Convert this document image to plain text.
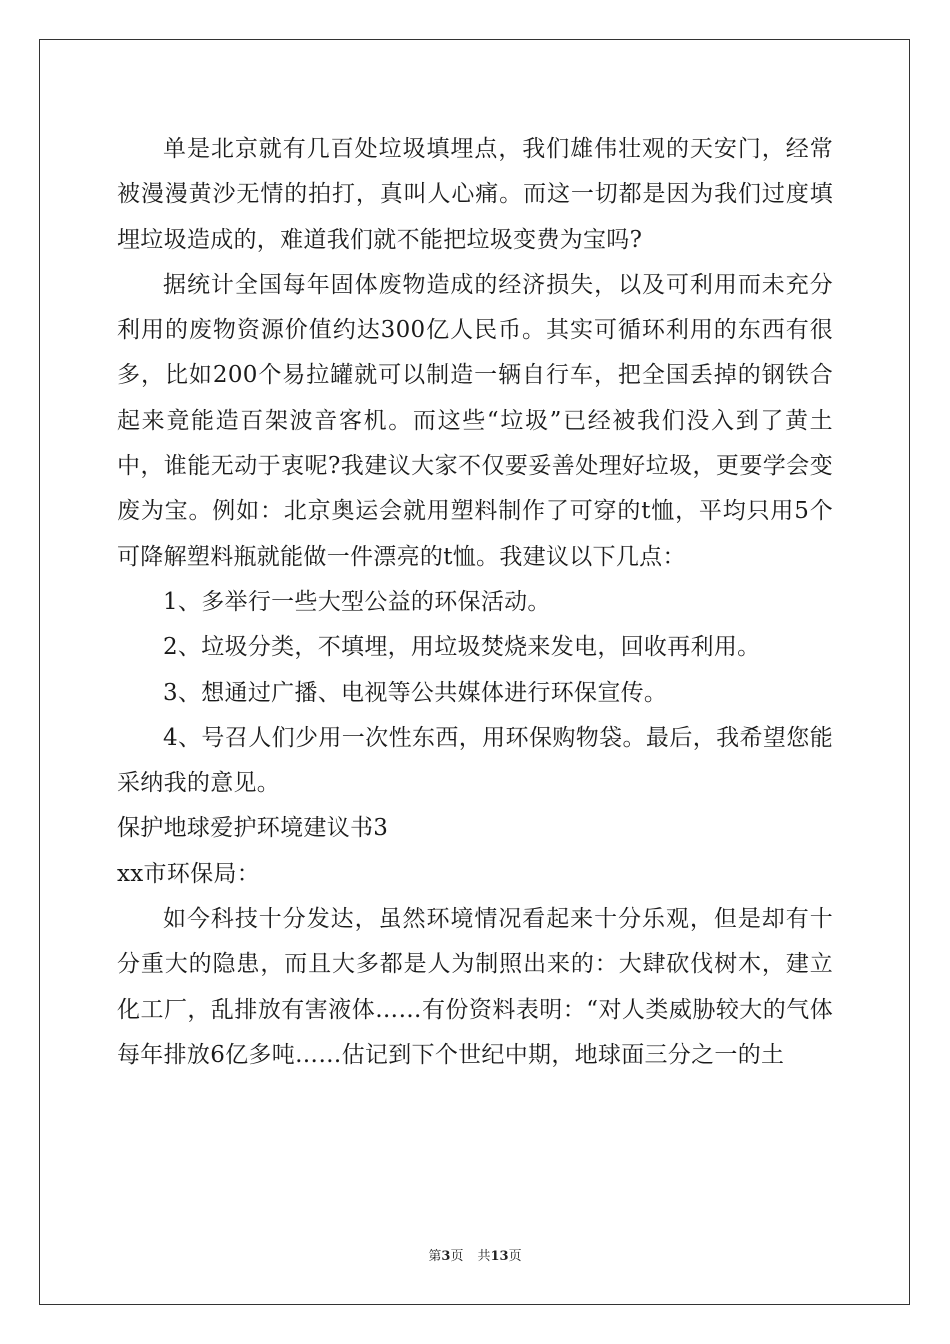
单是北京就有几百处垃圾填埋点，我们雄伟壮观的天安门，经常被漫漫黄沙无情的拍打，真叫人心痛。而这一切都是因为我们过度填埋垃圾造成的，难道我们就不能把垃圾变费为宝吗?

据统计全国每年固体废物造成的经济损失，以及可利用而未充分利用的废物资源价值约达300亿人民币。其实可循环利用的东西有很多，比如200个易拉罐就可以制造一辆自行车，把全国丢掉的钢铁合起来竟能造百架波音客机。而这些“垃圾”已经被我们没入到了黄土中，谁能无动于衷呢?我建议大家不仅要妥善处理好垃圾，更要学会变废为宝。例如：北京奥运会就用塑料制作了可穿的t恤，平均只用5个可降解塑料瓶就能做一件漂亮的t恤。我建议以下几点：

1、多举行一些大型公益的环保活动。

2、垃圾分类，不填埋，用垃圾焚烧来发电，回收再利用。

3、想通过广播、电视等公共媒体进行环保宣传。

4、号召人们少用一次性东西，用环保购物袋。最后，我希望您能采纳我的意见。

保护地球爱护环境建议书3

xx市环保局：

如今科技十分发达，虽然环境情况看起来十分乐观，但是却有十分重大的隐患，而且大多都是人为制照出来的：大肆砍伐树木，建立化工厂，乱排放有害液体……有份资料表明：“对人类威胁较大的气体每年排放6亿多吨……估记到下个世纪中期，地球面三分之一的土

第3页 共13页
